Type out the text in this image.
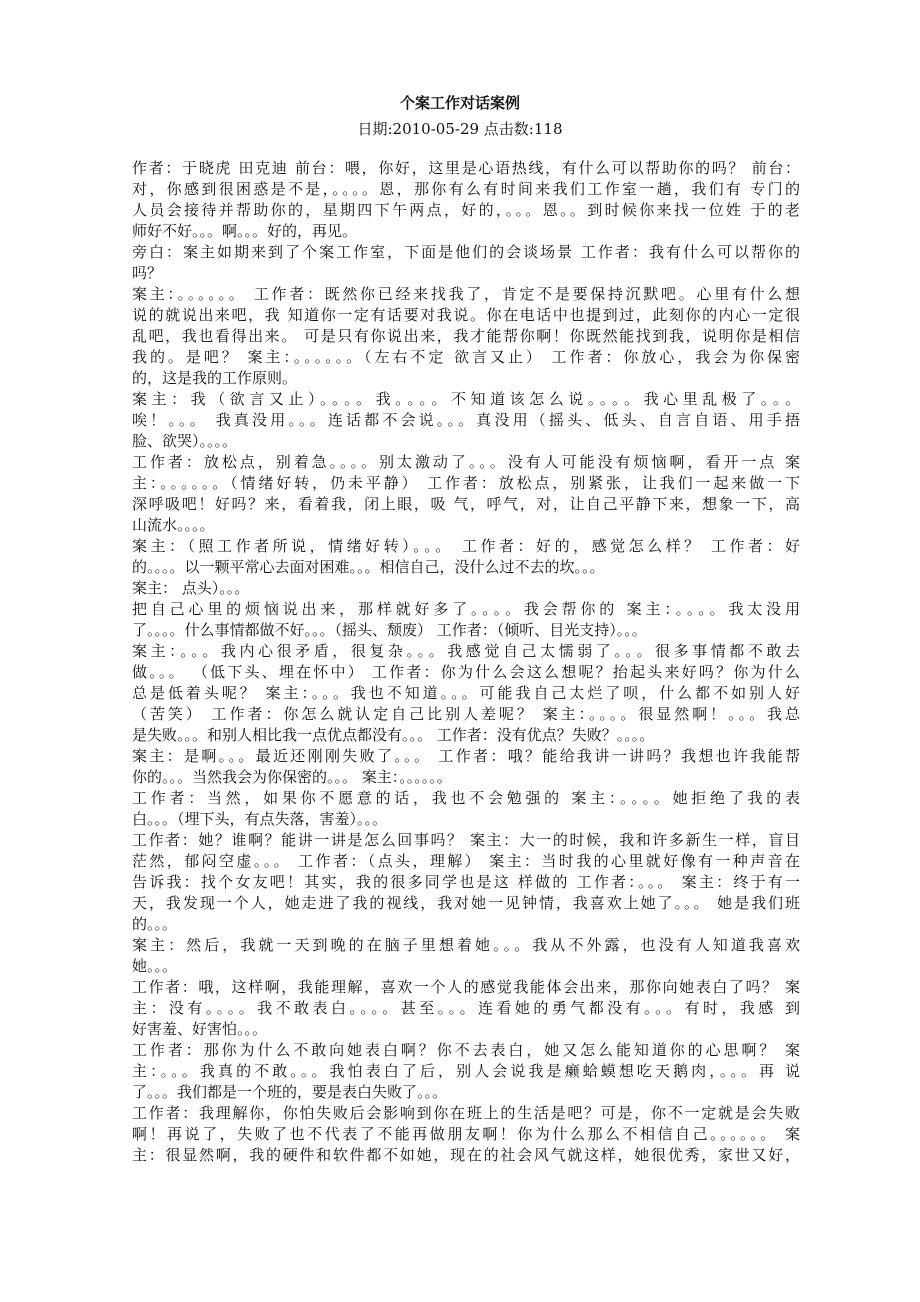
个案工作对话案例
日期:2010-05-29 点击数:118
作者：于晓虎 田克迪 前台：喂，你好，这里是心语热线，有什么可以帮助你的吗？ 前台：
对，你感到很困惑是不是，。。。。恩，那你有么有时间来我们工作室一趟，我们有 专门的
人员会接待并帮助你的，星期四下午两点，好的，。。。恩。。到时候你来找一位姓 于的老
师好不好。。。啊。。。好的，再见。
旁白：案主如期来到了个案工作室，下面是他们的会谈场景 工作者：我有什么可以帮你的
吗？
案主：。。。。。。 工作者：既然你已经来找我了，肯定不是要保持沉默吧。心里有什么想
说的就说出来吧，我 知道你一定有话要对我说。你在电话中也提到过，此刻你的内心一定很
乱吧，我也看得出来。 可是只有你说出来，我才能帮你啊！你既然能找到我，说明你是相信
我的。是吧？ 案主：。。。。。。（左右不定 欲言又止） 工作者：你放心，我会为你保密
的，这是我的工作原则。
案主：我（欲言又止）。。。。我。。。。不知道该怎么说。。。。我心里乱极了。。。
唉！。。。 我真没用。。。连话都不会说。。。真没用（摇头、低头、自言自语、用手捂
脸、欲哭）。。。。
工作者：放松点，别着急。。。。别太激动了。。。没有人可能没有烦恼啊，看开一点 案
主：。。。。。。（情绪好转，仍未平静） 工作者：放松点，别紧张，让我们一起来做一下
深呼吸吧！好吗？来，看着我，闭上眼，吸 气，呼气，对，让自己平静下来，想象一下，高
山流水。。。。
案主：（照工作者所说，情绪好转）。。。 工作者：好的，感觉怎么样？ 工作者：好
的。。。。以一颗平常心去面对困难。。。相信自己，没什么过不去的坎。。。
案主： 点头）。。。
把自己心里的烦恼说出来，那样就好多了。。。。我会帮你的 案主：。。。。我太没用
了。。。。什么事情都做不好。。。（摇头、颓废） 工作者：（倾听、目光支持）。。。
案主：。。。我内心很矛盾，很复杂。。。我感觉自己太懦弱了。。。很多事情都不敢去
做。。。 （低下头、埋在怀中） 工作者：你为什么会这么想呢？抬起头来好吗？你为什么
总是低着头呢？ 案主：。。。我也不知道。。。可能我自己太烂了呗，什么都不如别人好
（苦笑） 工作者：你怎么就认定自己比别人差呢？ 案主：。。。。很显然啊！。。。我总
是失败。。。和别人相比我一点优点都没有。。。 工作者：没有优点？失败？。。。。
案主：是啊。。。最近还刚刚失败了。。。 工作者：哦？能给我讲一讲吗？我想也许我能帮
你的。。。当然我会为你保密的。。。 案主：。。。。。。
工作者：当然，如果你不愿意的话，我也不会勉强的 案主：。。。。她拒绝了我的表
白。。。（埋下头，有点失落，害羞）。。。
工作者：她？谁啊？能讲一讲是怎么回事吗？ 案主：大一的时候，我和许多新生一样，盲目
茫然，郁闷空虚。。。 工作者：（点头，理解） 案主：当时我的心里就好像有一种声音在
告诉我：找个女友吧！其实，我的很多同学也是这 样做的 工作者：。。。 案主：终于有一
天，我发现一个人，她走进了我的视线，我对她一见钟情，我喜欢上她了。。。 她是我们班
的。。。
案主：然后，我就一天到晚的在脑子里想着她。。。我从不外露，也没有人知道我喜欢
她。。。
工作者：哦，这样啊，我能理解，喜欢一个人的感觉我能体会出来，那你向她表白了吗？ 案
主：没有。。。。我不敢表白。。。。甚至。。。连看她的勇气都没有。。。有时，我感 到
好害羞、好害怕。。。
工作者：那你为什么不敢向她表白啊？你不去表白，她又怎么能知道你的心思啊？ 案
主：。。。我真的不敢。。。我怕表白了后，别人会说我是癞蛤蟆想吃天鹅肉，。。。再 说
了。。。我们都是一个班的，要是表白失败了。。。
工作者：我理解你，你怕失败后会影响到你在班上的生活是吧？可是，你不一定就是会失败
啊！再说了，失败了也不代表了不能再做朋友啊！你为什么那么不相信自己。。。。。。 案
主：很显然啊，我的硬件和软件都不如她，现在的社会风气就这样，她很优秀，家世又好，
